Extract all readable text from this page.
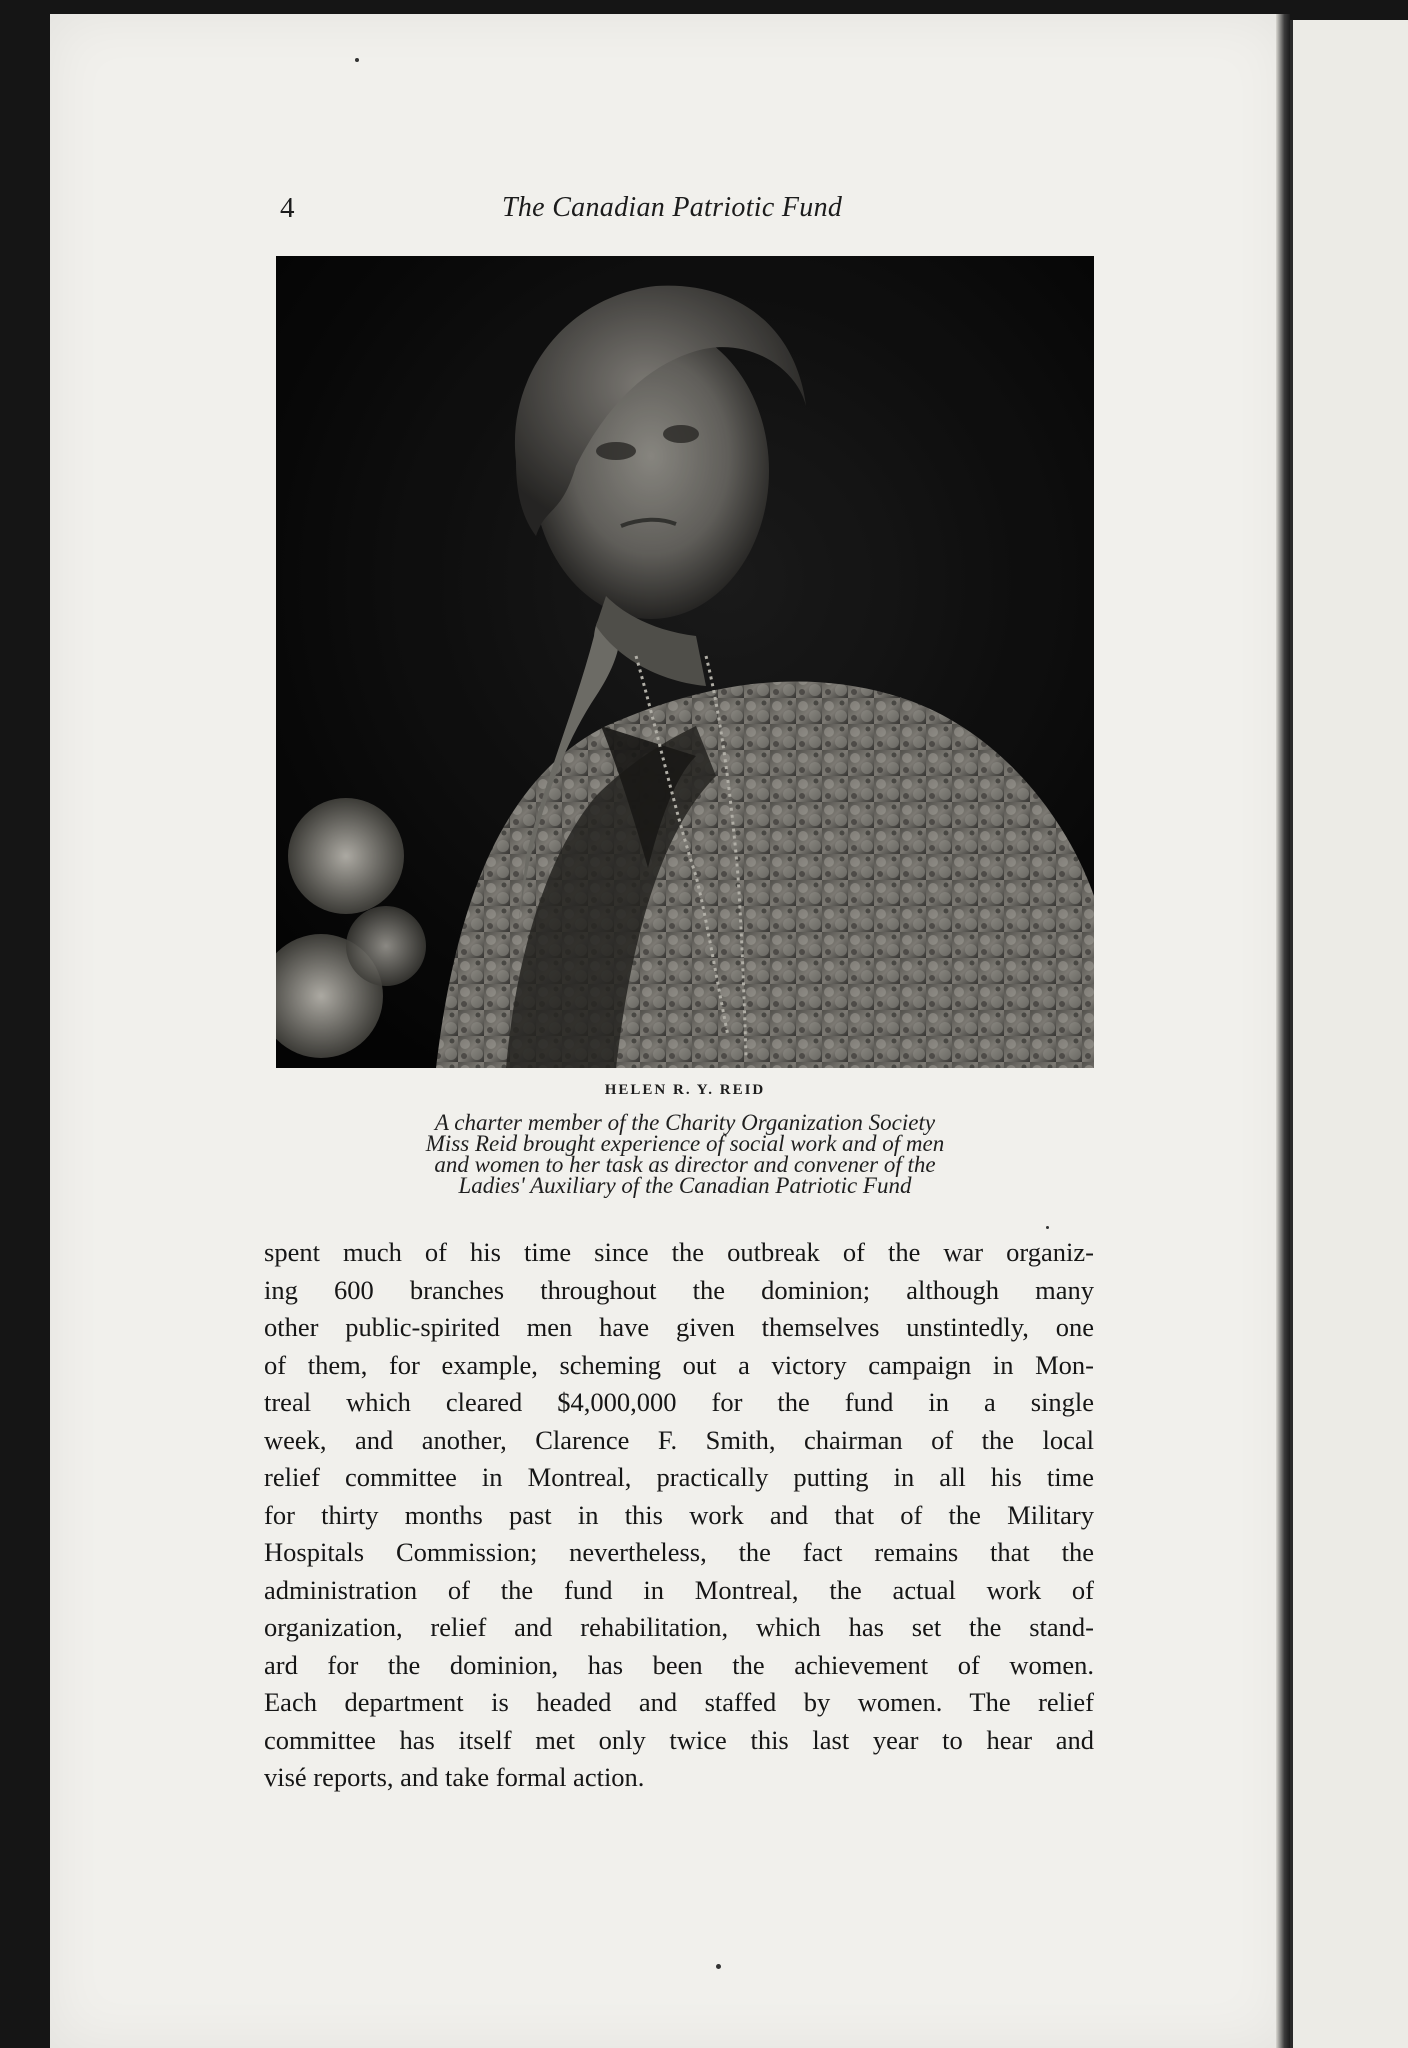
4	The Canadian Patriotic Fund
HELEN R. Y. REID
A charter member of the Charity Organization Society
Miss Reid brought experience of social work and of men
and women to her task as director and convener of the
Ladies' Auxiliary of the Canadian Patriotic Fund
spent much of his time since the outbreak of the war organiz-
ing 600 branches throughout the dominion; although many
other public-spirited men have given themselves unstintedly, one
of them, for example, scheming out a victory campaign in Mon-
treal which cleared $4,000,000 for the fund in a single
week, and another, Clarence F. Smith, chairman of the local
relief committee in Montreal, practically putting in all his time
for thirty months past in this work and that of the Military
Hospitals Commission; nevertheless, the fact remains that the
administration of the fund in Montreal, the actual work of
organization, relief and rehabilitation, which has set the stand-
ard for the dominion, has been the achievement of women.
Each department is headed and staffed by women. The relief
committee has itself met only twice this last year to hear and
visé reports, and take formal action.
